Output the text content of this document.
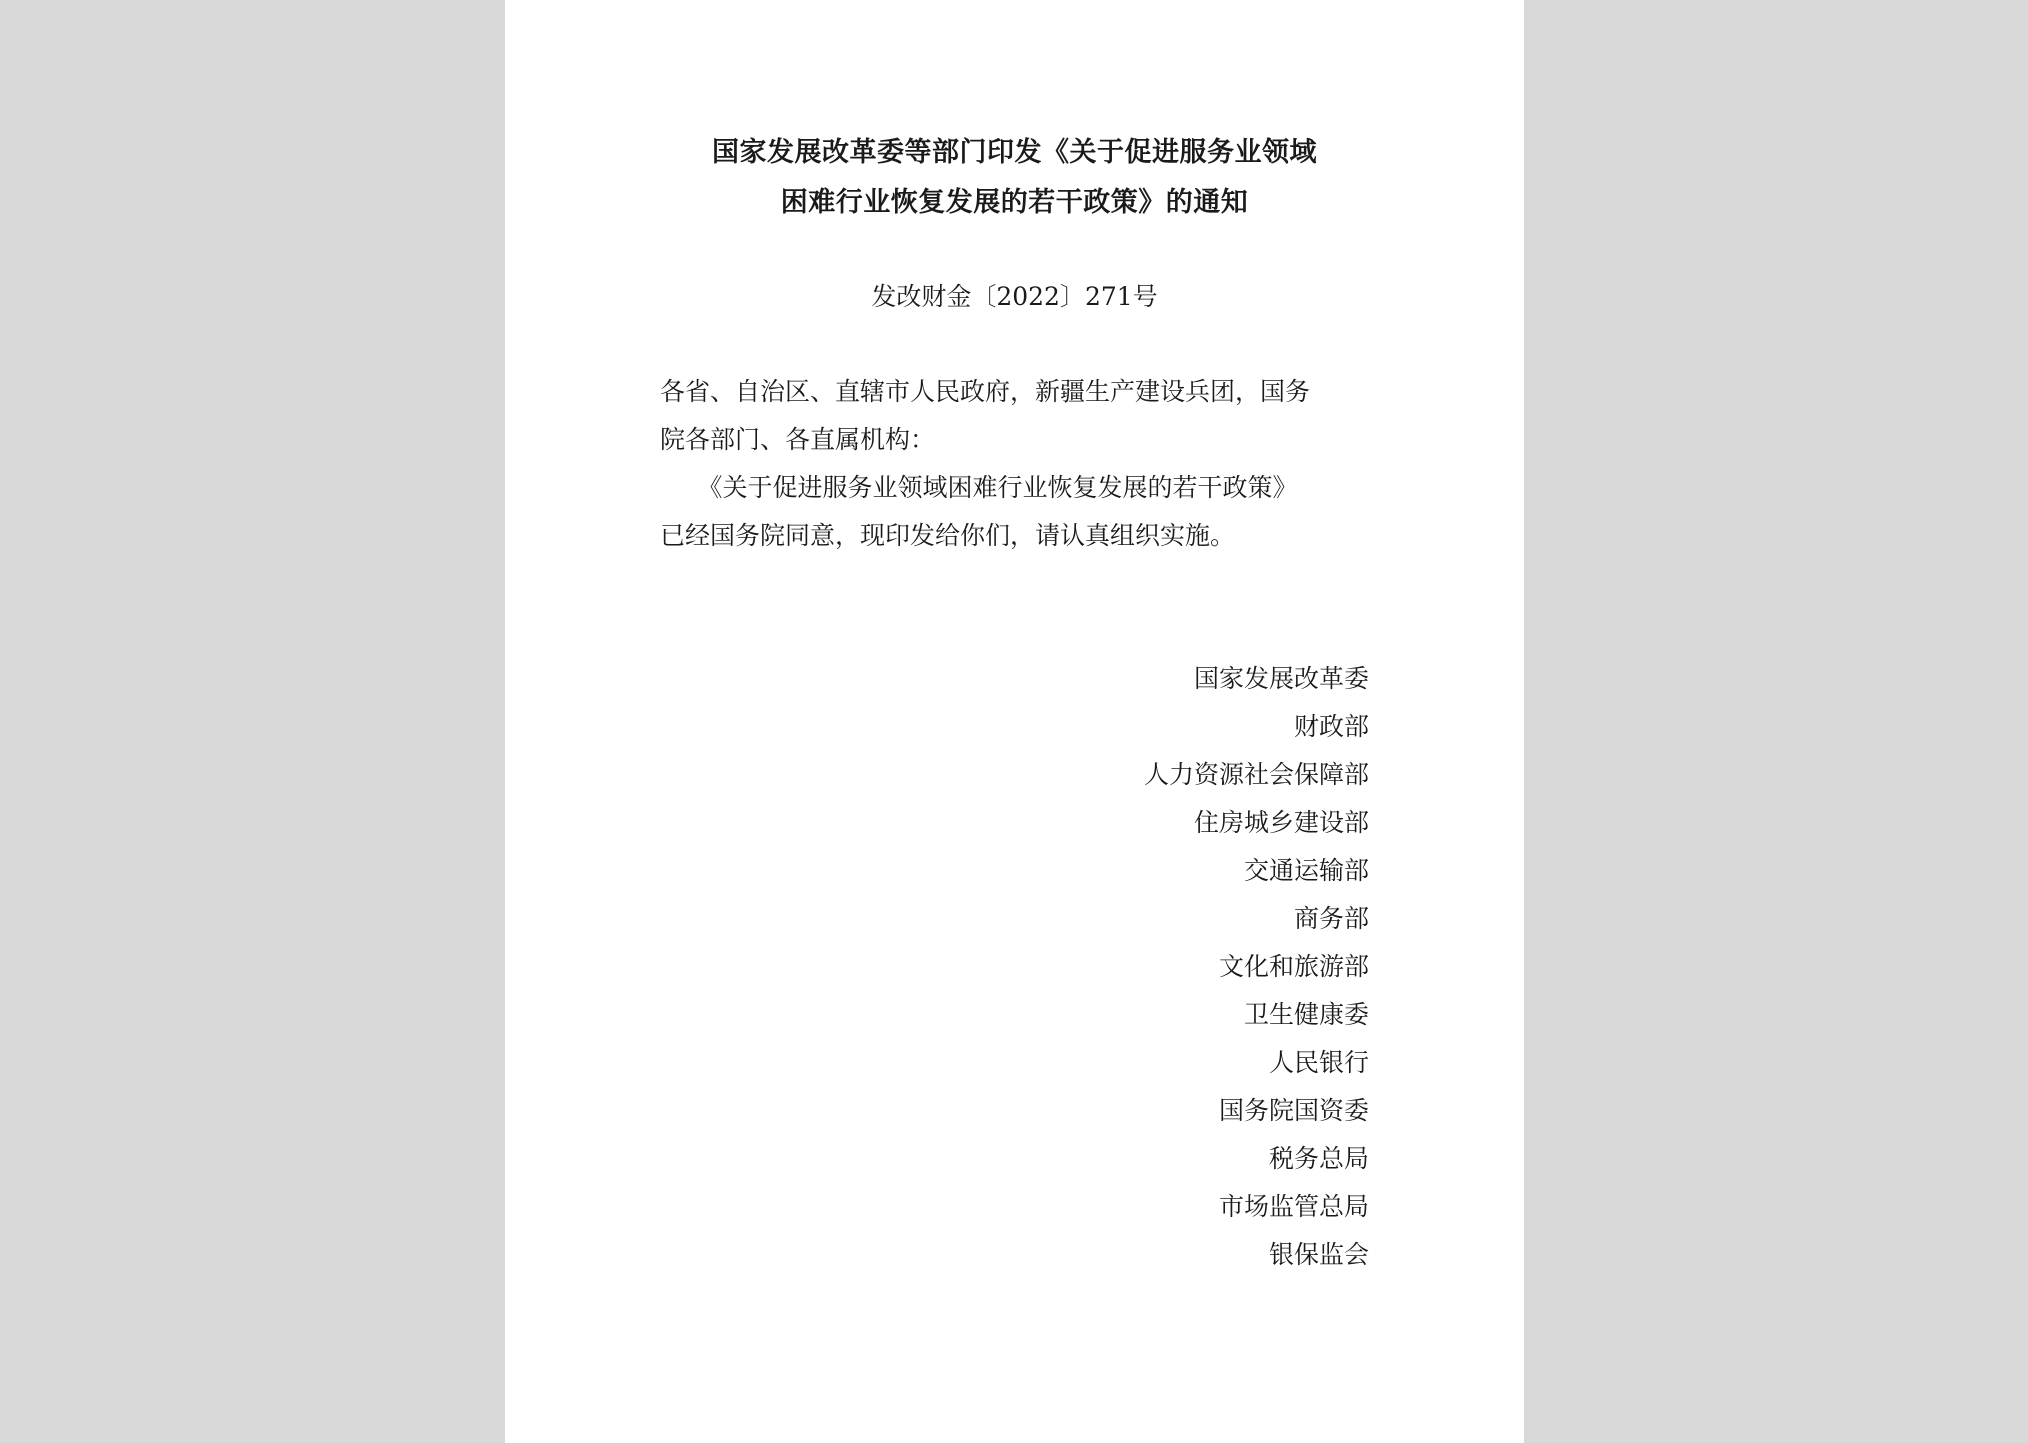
国家发展改革委等部门印发《关于促进服务业领域
困难行业恢复发展的若干政策》的通知
发改财金〔2022〕271号
各省、自治区、直辖市人民政府，新疆生产建设兵团，国务
院各部门、各直属机构：
　　《关于促进服务业领域困难行业恢复发展的若干政策》
已经国务院同意，现印发给你们，请认真组织实施。
国家发展改革委
财政部
人力资源社会保障部
住房城乡建设部
交通运输部
商务部
文化和旅游部
卫生健康委
人民银行
国务院国资委
税务总局
市场监管总局
银保监会
